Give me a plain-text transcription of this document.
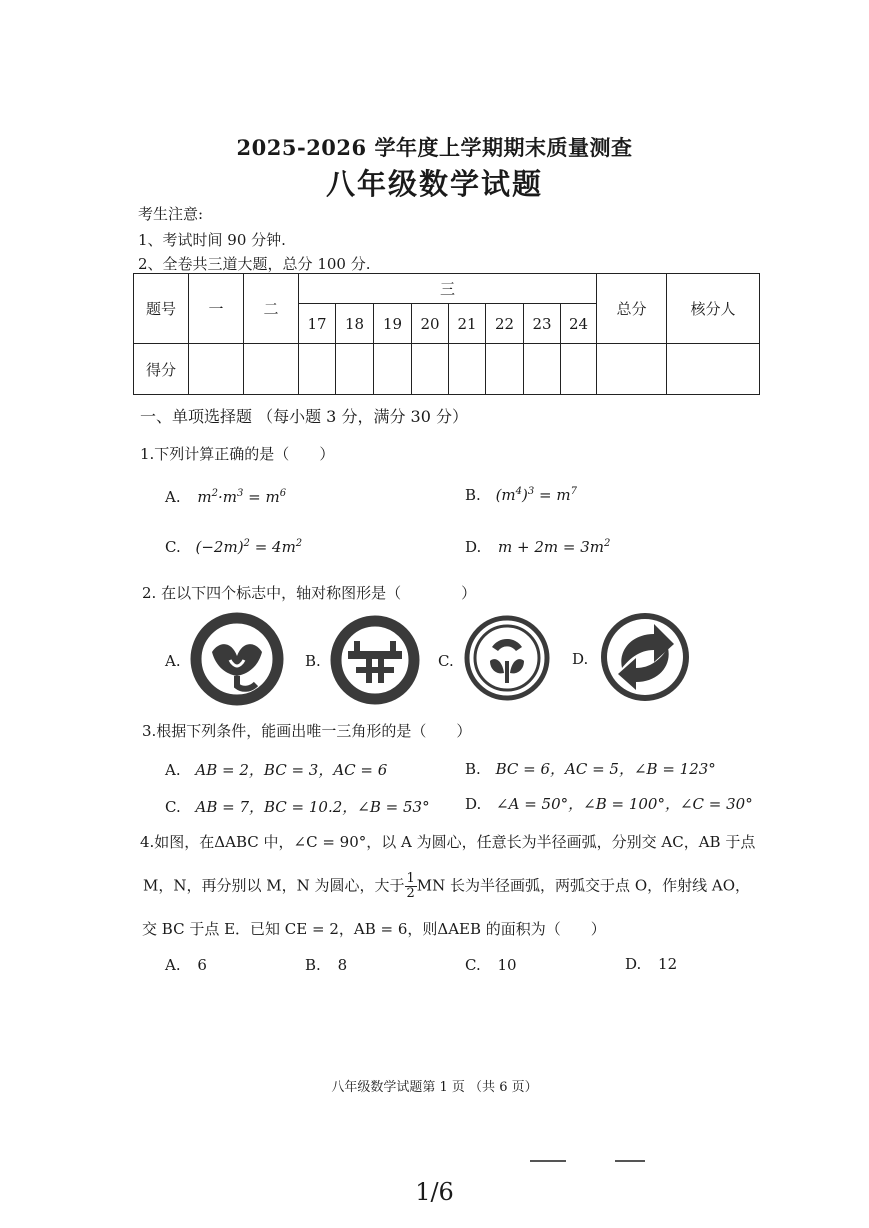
2025-2026 学年度上学期期末质量测查
八年级数学试题
考生注意:
1、考试时间 90 分钟.
2、全卷共三道大题，总分 100 分.
题号	一	二	三								总分	核分人
			17	18	19	20	21	22	23	24		
得分												
一、单项选择题 （每小题 3 分，满分 30 分）
1.下列计算正确的是（　　）
A. $m^2\cdot m^3 = m^6$	B. $(m^4)^3 = m^7$
C. $(-2m)^2 = 4m^2$	D. $m + 2m = 3m^2$
2. 在以下四个标志中，轴对称图形是（　　　　）
A.	B.	C.	D.
3.根据下列条件，能画出唯一三角形的是（　　）
A. AB = 2，BC = 3，AC = 6	B. BC = 6，AC = 5，∠B = 123°
C. AB = 7，BC = 10.2，∠B = 53° D. ∠A = 50°，∠B = 100°，∠C = 30°
4.如图，在ΔABC 中，∠C = 90°，以 A 为圆心，任意长为半径画弧，分别交 AC，AB 于点
M，N，再分别以 M，N 为圆心，大于 $\frac{1}{2}$ MN 长为半径画弧，两弧交于点 O，作射线 AO，
交 BC 于点 E．已知 CE = 2，AB = 6，则ΔAEB 的面积为（　　）
A. 6	B. 8	C. 10	D. 12
八年级数学试题第 1 页 （共 6 页）
1/6
